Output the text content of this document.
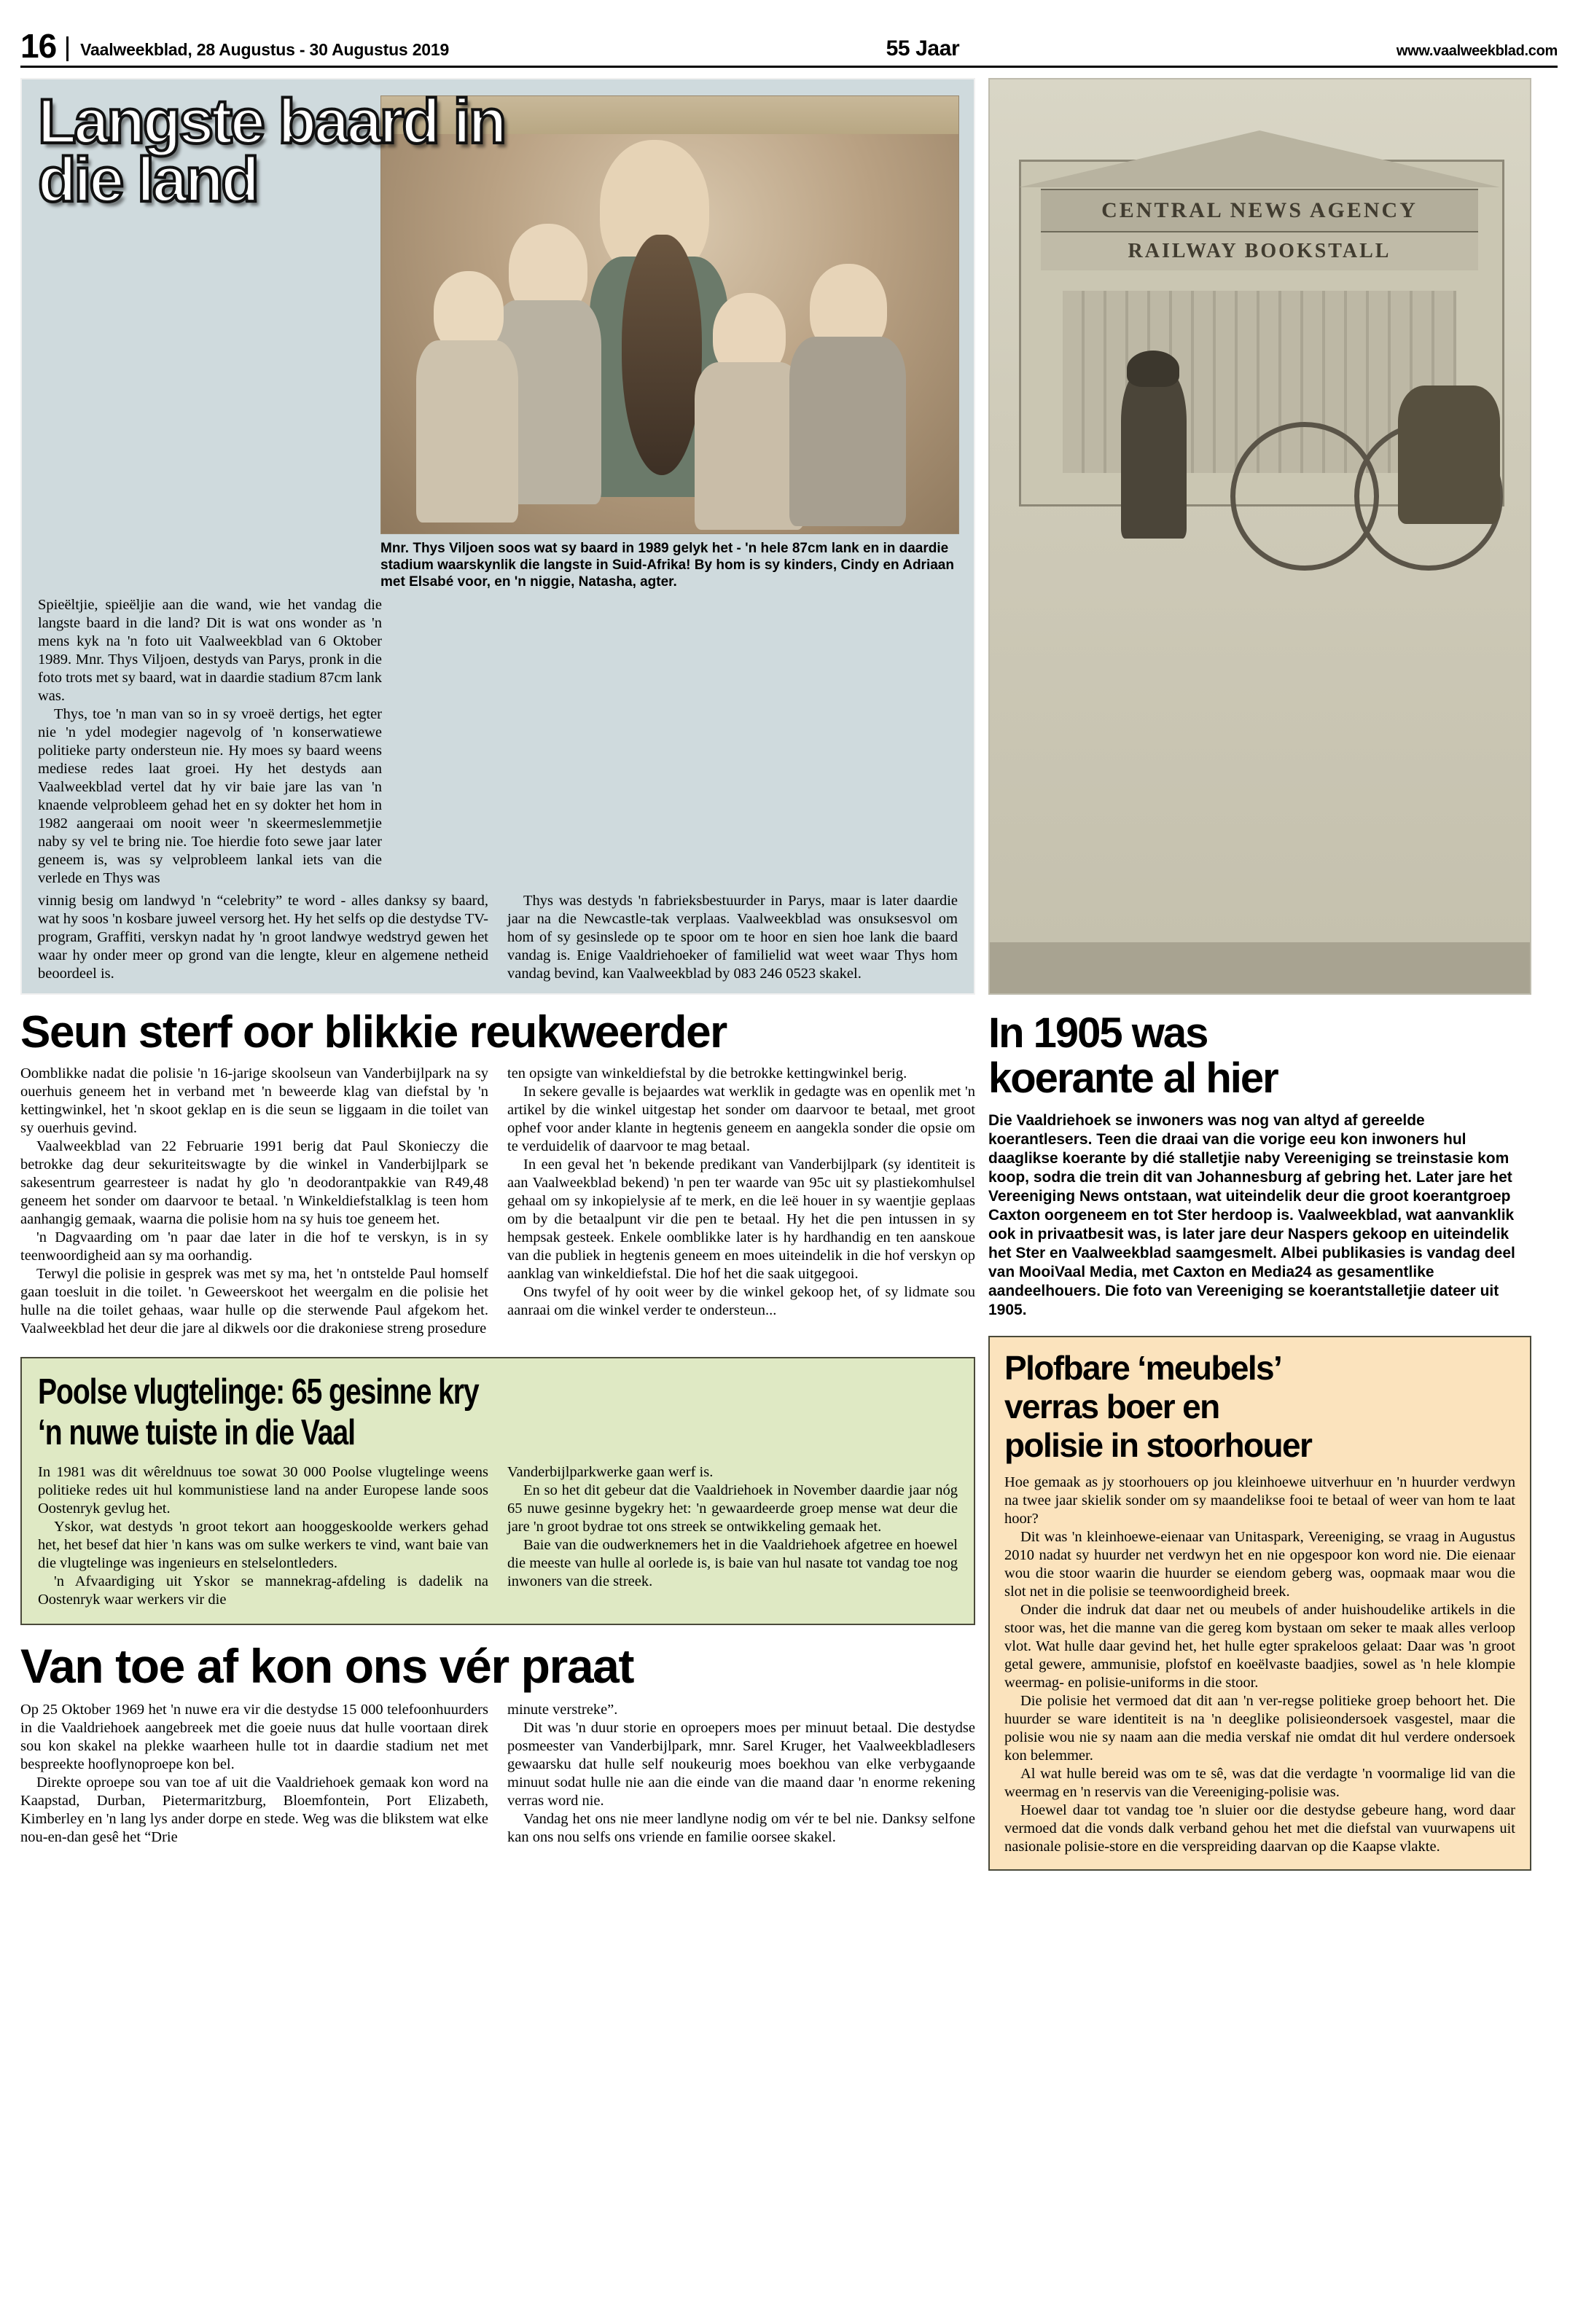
16	Vaalweekblad, 28 Augustus - 30 Augustus 2019	55 Jaar	www.vaalweekblad.com
Langste baard in
die land
Mnr. Thys Viljoen soos wat sy baard in 1989 gelyk het - 'n hele 87cm lank en in daardie stadium waarskynlik die langste in Suid-Afrika! By hom is sy kinders, Cindy en Adriaan met Elsabé voor, en 'n niggie, Natasha, agter.

Spieëltjie, spieëljie aan die wand, wie het vandag die langste baard in die land? Dit is wat ons wonder as 'n mens kyk na 'n foto uit Vaalweekblad van 6 Oktober 1989. Mnr. Thys Viljoen, destyds van Parys, pronk in die foto trots met sy baard, wat in daardie stadium 87cm lank was.

Thys, toe 'n man van so in sy vroeë dertigs, het egter nie 'n ydel modegier nagevolg of 'n konserwatiewe politieke party ondersteun nie. Hy moes sy baard weens mediese redes laat groei. Hy het destyds aan Vaalweekblad vertel dat hy vir baie jare las van 'n knaende velprobleem gehad het en sy dokter het hom in 1982 aangeraai om nooit weer 'n skeermeslemmetjie naby sy vel te bring nie. Toe hierdie foto sewe jaar later geneem is, was sy velprobleem lankal iets van die verlede en Thys was

vinnig besig om landwyd 'n “celebrity” te word - alles danksy sy baard, wat hy soos 'n kosbare juweel versorg het. Hy het selfs op die destydse TV-program, Graffiti, verskyn nadat hy 'n groot landwye wedstryd gewen het waar hy onder meer op grond van die lengte, kleur en algemene netheid beoordeel is.

Thys was destyds 'n fabrieksbestuurder in Parys, maar is later daardie jaar na die Newcastle-tak verplaas. Vaalweekblad was onsuksesvol om hom of sy gesinslede op te spoor om te hoor en sien hoe lank die baard vandag is. Enige Vaaldriehoeker of familielid wat weet waar Thys hom vandag bevind, kan Vaalweekblad by 083 246 0523 skakel.

CENTRAL NEWS AGENCY
RAILWAY BOOKSTALL
Seun sterf oor blikkie reukweerder

Oomblikke nadat die polisie 'n 16-jarige skoolseun van Vanderbijlpark na sy ouerhuis geneem het in verband met 'n beweerde klag van diefstal by 'n kettingwinkel, het 'n skoot geklap en is die seun se liggaam in die toilet van sy ouerhuis gevind.

Vaalweekblad van 22 Februarie 1991 berig dat Paul Skonieczy die betrokke dag deur sekuriteitswagte by die winkel in Vanderbijlpark se sakesentrum gearresteer is nadat hy glo 'n deodorantpakkie van R49,48 geneem het sonder om daarvoor te betaal. 'n Winkeldiefstalklag is teen hom aanhangig gemaak, waarna die polisie hom na sy huis toe geneem het.

'n Dagvaarding om 'n paar dae later in die hof te verskyn, is in sy teenwoordigheid aan sy ma oorhandig.

Terwyl die polisie in gesprek was met sy ma, het 'n ontstelde Paul homself gaan toesluit in die toilet. 'n Geweerskoot het weergalm en die polisie het hulle na die toilet gehaas, waar hulle op die sterwende Paul afgekom het. Vaalweekblad het deur die jare al dikwels oor die drakoniese streng prosedure

ten opsigte van winkeldiefstal by die betrokke kettingwinkel berig.

In sekere gevalle is bejaardes wat werklik in gedagte was en openlik met 'n artikel by die winkel uitgestap het sonder om daarvoor te betaal, met groot ophef voor ander klante in hegtenis geneem en aangekla sonder die opsie om te verduidelik of daarvoor te mag betaal.

In een geval het 'n bekende predikant van Vanderbijlpark (sy identiteit is aan Vaalweekblad bekend) 'n pen ter waarde van 95c uit sy plastiekomhulsel gehaal om sy inkopielysie af te merk, en die leë houer in sy waentjie geplaas om by die betaalpunt vir die pen te betaal. Hy het die pen intussen in sy hempsak gesteek. Enkele oomblikke later is hy hardhandig en ten aanskoue van die publiek in hegtenis geneem en moes uiteindelik in die hof verskyn op aanklag van winkeldiefstal. Die hof het die saak uitgegooi.

Ons twyfel of hy ooit weer by die winkel gekoop het, of sy lidmate sou aanraai om die winkel verder te ondersteun...

Poolse vlugtelinge: 65 gesinne kry
‘n nuwe tuiste in die Vaal

In 1981 was dit wêreldnuus toe sowat 30 000 Poolse vlugtelinge weens politieke redes uit hul kommunistiese land na ander Europese lande soos Oostenryk gevlug het.

Yskor, wat destyds 'n groot tekort aan hooggeskoolde werkers gehad het, het besef dat hier 'n kans was om sulke werkers te vind, want baie van die vlugtelinge was ingenieurs en stelselontleders.

'n Afvaardiging uit Yskor se mannekrag-afdeling is dadelik na Oostenryk waar werkers vir die

Vanderbijlparkwerke gaan werf is.

En so het dit gebeur dat die Vaaldriehoek in November daardie jaar nóg 65 nuwe gesinne bygekry het: 'n gewaardeerde groep mense wat deur die jare 'n groot bydrae tot ons streek se ontwikkeling gemaak het.

Baie van die oudwerknemers het in die Vaaldriehoek afgetree en hoewel die meeste van hulle al oorlede is, is baie van hul nasate tot vandag toe nog inwoners van die streek.

Van toe af kon ons vér praat

Op 25 Oktober 1969 het 'n nuwe era vir die destydse 15 000 telefoonhuurders in die Vaaldriehoek aangebreek met die goeie nuus dat hulle voortaan direk sou kon skakel na plekke waarheen hulle tot in daardie stadium net met bespreekte hooflynoproepe kon bel.

Direkte oproepe sou van toe af uit die Vaaldriehoek gemaak kon word na Kaapstad, Durban, Pietermaritzburg, Bloemfontein, Port Elizabeth, Kimberley en 'n lang lys ander dorpe en stede. Weg was die blikstem wat elke nou-en-dan gesê het “Drie

minute verstreke”.

Dit was 'n duur storie en oproepers moes per minuut betaal. Die destydse posmeester van Vanderbijlpark, mnr. Sarel Kruger, het Vaalweekbladlesers gewaarsku dat hulle self noukeurig moes boekhou van elke verbygaande minuut sodat hulle nie aan die einde van die maand daar 'n enorme rekening verras word nie.

Vandag het ons nie meer landlyne nodig om vér te bel nie. Danksy selfone kan ons nou selfs ons vriende en familie oorsee skakel.

In 1905 was
koerante al hier

Die Vaaldriehoek se inwoners was nog van altyd af gereelde koerantlesers. Teen die draai van die vorige eeu kon inwoners hul daaglikse koerante by dié stalletjie naby Vereeniging se treinstasie kom koop, sodra die trein dit van Johannesburg af gebring het. Later jare het Vereeniging News ontstaan, wat uiteindelik deur die groot koerantgroep Caxton oorgeneem en tot Ster herdoop is. Vaalweekblad, wat aanvanklik ook in privaatbesit was, is later jare deur Naspers gekoop en uiteindelik het Ster en Vaalweekblad saamgesmelt. Albei publikasies is vandag deel van MooiVaal Media, met Caxton en Media24 as gesamentlike aandeelhouers. Die foto van Vereeniging se koerantstalletjie dateer uit 1905.

Plofbare ‘meubels’
verras boer en
polisie in stoorhouer

Hoe gemaak as jy stoorhouers op jou kleinhoewe uitverhuur en 'n huurder verdwyn na twee jaar skielik sonder om sy maandelikse fooi te betaal of weer van hom te laat hoor?

Dit was 'n kleinhoewe-eienaar van Unitaspark, Vereeniging, se vraag in Augustus 2010 nadat sy huurder net verdwyn het en nie opgespoor kon word nie. Die eienaar wou die stoor waarin die huurder se eiendom geberg was, oopmaak maar wou die slot net in die polisie se teenwoordigheid breek.

Onder die indruk dat daar net ou meubels of ander huishoudelike artikels in die stoor was, het die manne van die gereg kom bystaan om seker te maak alles verloop vlot. Wat hulle daar gevind het, het hulle egter sprakeloos gelaat: Daar was 'n groot getal gewere, ammunisie, plofstof en koeëlvaste baadjies, sowel as 'n hele klompie weermag- en polisie-uniforms in die stoor.

Die polisie het vermoed dat dit aan 'n ver-regse politieke groep behoort het. Die huurder se ware identiteit is na 'n deeglike polisieondersoek vasgestel, maar die polisie wou nie sy naam aan die media verskaf nie omdat dit hul verdere ondersoek kon belemmer.

Al wat hulle bereid was om te sê, was dat die verdagte 'n voormalige lid van die weermag en 'n reservis van die Vereeniging-polisie was.

Hoewel daar tot vandag toe 'n sluier oor die destydse gebeure hang, word daar vermoed dat die vonds dalk verband gehou het met die diefstal van vuurwapens uit nasionale polisie-store en die verspreiding daarvan op die Kaapse vlakte.
